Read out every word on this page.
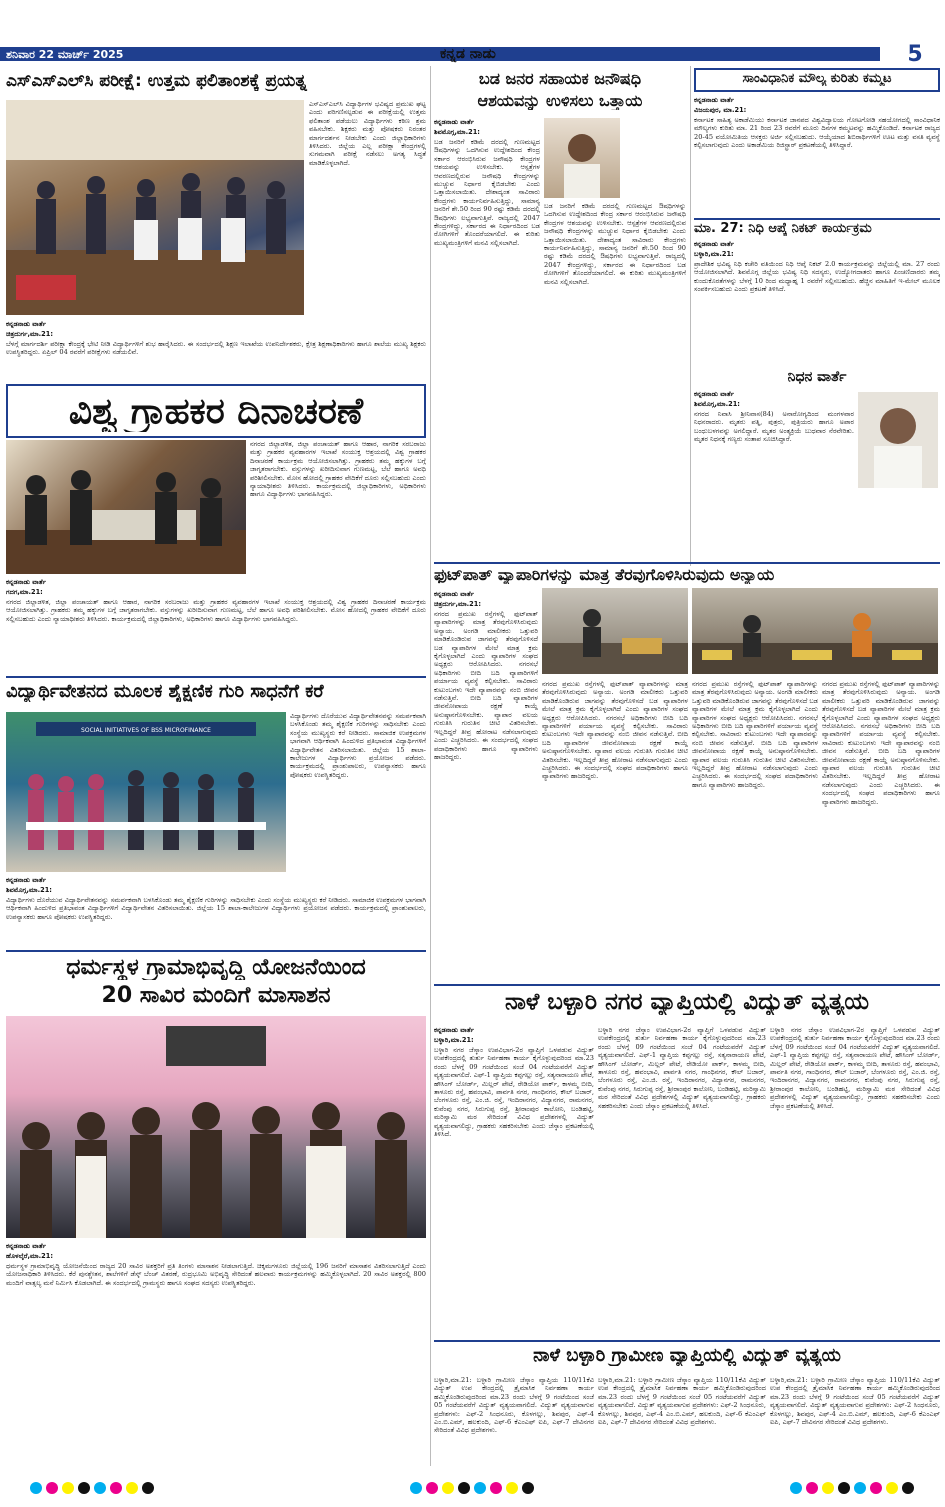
ಶನಿವಾರ 22 ಮಾರ್ಚ್ 2025	ಕನ್ನಡ ನಾಡು	5
ಎಸ್‌ಎಸ್‌ಎಲ್‌ಸಿ ಪರೀಕ್ಷೆ: ಉತ್ತಮ ಫಲಿತಾಂಶಕ್ಕೆ ಪ್ರಯತ್ನ
ಎಸ್‌ಎಸ್‌ಎಲ್‌ಸಿ ವಿದ್ಯಾರ್ಥಿಗಳ ಭವಿಷ್ಯದ ಪ್ರಮುಖ ಘಟ್ಟ ಎಂದು ಪರಿಗಣಿಸಲ್ಪಡುವ ಈ ಪರೀಕ್ಷೆಯಲ್ಲಿ ಉತ್ತಮ ಫಲಿತಾಂಶ ಪಡೆಯಲು ವಿದ್ಯಾರ್ಥಿಗಳು ಕಠಿಣ ಶ್ರಮ ವಹಿಸಬೇಕು. ಶಿಕ್ಷಕರು ಮತ್ತು ಪೋಷಕರು ನಿರಂತರ ಮಾರ್ಗದರ್ಶನ ನೀಡಬೇಕು ಎಂದು ಜಿಲ್ಲಾಧಿಕಾರಿಗಳು ತಿಳಿಸಿದರು. ಜಿಲ್ಲೆಯ ಎಲ್ಲ ಪರೀಕ್ಷಾ ಕೇಂದ್ರಗಳಲ್ಲಿ ಸುಗಮವಾಗಿ ಪರೀಕ್ಷೆ ನಡೆಸಲು ಅಗತ್ಯ ಸಿದ್ಧತೆ ಮಾಡಿಕೊಳ್ಳಲಾಗಿದೆ.
ಕನ್ನಡನಾಡು ವಾರ್ತೆ
ಚಿತ್ರದುರ್ಗ,ಮಾ.21:
ಬೆಳಗ್ಗೆ ಮಾರ್ಗದರ್ಶಿ ಪರೀಕ್ಷಾ ಕೇಂದ್ರಕ್ಕೆ ಭೇಟಿ ನೀಡಿ ವಿದ್ಯಾರ್ಥಿಗಳಿಗೆ ಶುಭ ಹಾರೈಸಿದರು. ಈ ಸಂದರ್ಭದಲ್ಲಿ ಶಿಕ್ಷಣ ಇಲಾಖೆಯ ಉಪನಿರ್ದೇಶಕರು, ಕ್ಷೇತ್ರ ಶಿಕ್ಷಣಾಧಿಕಾರಿಗಳು ಹಾಗೂ ಶಾಲೆಯ ಮುಖ್ಯ ಶಿಕ್ಷಕರು ಉಪಸ್ಥಿತರಿದ್ದರು. ಏಪ್ರಿಲ್ 04 ರವರೆಗೆ ಪರೀಕ್ಷೆಗಳು ನಡೆಯಲಿವೆ.
ವಿಶ್ವ ಗ್ರಾಹಕರ ದಿನಾಚರಣೆ
ನಗರದ ಜಿಲ್ಲಾಡಳಿತ, ಜಿಲ್ಲಾ ಪಂಚಾಯತ್ ಹಾಗೂ ಆಹಾರ, ನಾಗರಿಕ ಸರಬರಾಜು ಮತ್ತು ಗ್ರಾಹಕರ ವ್ಯವಹಾರಗಳ ಇಲಾಖೆ ಸಂಯುಕ್ತ ಆಶ್ರಯದಲ್ಲಿ ವಿಶ್ವ ಗ್ರಾಹಕರ ದಿನಾಚರಣೆ ಕಾರ್ಯಕ್ರಮ ಆಯೋಜಿಸಲಾಗಿತ್ತು. ಗ್ರಾಹಕರು ತಮ್ಮ ಹಕ್ಕುಗಳ ಬಗ್ಗೆ ಜಾಗೃತರಾಗಬೇಕು. ವಸ್ತುಗಳನ್ನು ಖರೀದಿಸುವಾಗ ಗುಣಮಟ್ಟ, ಬೆಲೆ ಹಾಗೂ ಅವಧಿ ಪರಿಶೀಲಿಸಬೇಕು. ಮೋಸ ಹೋದಲ್ಲಿ ಗ್ರಾಹಕರ ವೇದಿಕೆಗೆ ದೂರು ಸಲ್ಲಿಸಬಹುದು ಎಂದು ನ್ಯಾಯಾಧೀಶರು ತಿಳಿಸಿದರು. ಕಾರ್ಯಕ್ರಮದಲ್ಲಿ ಜಿಲ್ಲಾಧಿಕಾರಿಗಳು, ಅಧಿಕಾರಿಗಳು ಹಾಗೂ ವಿದ್ಯಾರ್ಥಿಗಳು ಭಾಗವಹಿಸಿದ್ದರು.
ಕನ್ನಡನಾಡು ವಾರ್ತೆ
ಗದಗ,ಮಾ.21:
ನಗರದ ಜಿಲ್ಲಾಡಳಿತ, ಜಿಲ್ಲಾ ಪಂಚಾಯತ್ ಹಾಗೂ ಆಹಾರ, ನಾಗರಿಕ ಸರಬರಾಜು ಮತ್ತು ಗ್ರಾಹಕರ ವ್ಯವಹಾರಗಳ ಇಲಾಖೆ ಸಂಯುಕ್ತ ಆಶ್ರಯದಲ್ಲಿ ವಿಶ್ವ ಗ್ರಾಹಕರ ದಿನಾಚರಣೆ ಕಾರ್ಯಕ್ರಮ ಆಯೋಜಿಸಲಾಗಿತ್ತು. ಗ್ರಾಹಕರು ತಮ್ಮ ಹಕ್ಕುಗಳ ಬಗ್ಗೆ ಜಾಗೃತರಾಗಬೇಕು. ವಸ್ತುಗಳನ್ನು ಖರೀದಿಸುವಾಗ ಗುಣಮಟ್ಟ, ಬೆಲೆ ಹಾಗೂ ಅವಧಿ ಪರಿಶೀಲಿಸಬೇಕು. ಮೋಸ ಹೋದಲ್ಲಿ ಗ್ರಾಹಕರ ವೇದಿಕೆಗೆ ದೂರು ಸಲ್ಲಿಸಬಹುದು ಎಂದು ನ್ಯಾಯಾಧೀಶರು ತಿಳಿಸಿದರು. ಕಾರ್ಯಕ್ರಮದಲ್ಲಿ ಜಿಲ್ಲಾಧಿಕಾರಿಗಳು, ಅಧಿಕಾರಿಗಳು ಹಾಗೂ ವಿದ್ಯಾರ್ಥಿಗಳು ಭಾಗವಹಿಸಿದ್ದರು.
ವಿದ್ಯಾರ್ಥಿವೇತನದ ಮೂಲಕ ಶೈಕ್ಷಣಿಕ ಗುರಿ ಸಾಧನೆಗೆ ಕರೆ
SOCIAL INITIATIVES OF BSS MICROFINANCE
ವಿದ್ಯಾರ್ಥಿಗಳು ದೊರೆಯುವ ವಿದ್ಯಾರ್ಥಿವೇತನವನ್ನು ಸಮರ್ಪಕವಾಗಿ ಬಳಸಿಕೊಂಡು ತಮ್ಮ ಶೈಕ್ಷಣಿಕ ಗುರಿಗಳನ್ನು ಸಾಧಿಸಬೇಕು ಎಂದು ಸಂಸ್ಥೆಯ ಮುಖ್ಯಸ್ಥರು ಕರೆ ನೀಡಿದರು. ಸಾಮಾಜಿಕ ಉಪಕ್ರಮಗಳ ಭಾಗವಾಗಿ ಆರ್ಥಿಕವಾಗಿ ಹಿಂದುಳಿದ ಪ್ರತಿಭಾವಂತ ವಿದ್ಯಾರ್ಥಿಗಳಿಗೆ ವಿದ್ಯಾರ್ಥಿವೇತನ ವಿತರಿಸಲಾಯಿತು. ಜಿಲ್ಲೆಯ 15 ಶಾಲಾ-ಕಾಲೇಜುಗಳ ವಿದ್ಯಾರ್ಥಿಗಳು ಪ್ರಯೋಜನ ಪಡೆದರು. ಕಾರ್ಯಕ್ರಮದಲ್ಲಿ ಪ್ರಾಂಶುಪಾಲರು, ಉಪನ್ಯಾಸಕರು ಹಾಗೂ ಪೋಷಕರು ಉಪಸ್ಥಿತರಿದ್ದರು.
ಕನ್ನಡನಾಡು ವಾರ್ತೆ
ಶಿವಮೊಗ್ಗ,ಮಾ.21:
ವಿದ್ಯಾರ್ಥಿಗಳು ದೊರೆಯುವ ವಿದ್ಯಾರ್ಥಿವೇತನವನ್ನು ಸಮರ್ಪಕವಾಗಿ ಬಳಸಿಕೊಂಡು ತಮ್ಮ ಶೈಕ್ಷಣಿಕ ಗುರಿಗಳನ್ನು ಸಾಧಿಸಬೇಕು ಎಂದು ಸಂಸ್ಥೆಯ ಮುಖ್ಯಸ್ಥರು ಕರೆ ನೀಡಿದರು. ಸಾಮಾಜಿಕ ಉಪಕ್ರಮಗಳ ಭಾಗವಾಗಿ ಆರ್ಥಿಕವಾಗಿ ಹಿಂದುಳಿದ ಪ್ರತಿಭಾವಂತ ವಿದ್ಯಾರ್ಥಿಗಳಿಗೆ ವಿದ್ಯಾರ್ಥಿವೇತನ ವಿತರಿಸಲಾಯಿತು. ಜಿಲ್ಲೆಯ 15 ಶಾಲಾ-ಕಾಲೇಜುಗಳ ವಿದ್ಯಾರ್ಥಿಗಳು ಪ್ರಯೋಜನ ಪಡೆದರು. ಕಾರ್ಯಕ್ರಮದಲ್ಲಿ ಪ್ರಾಂಶುಪಾಲರು, ಉಪನ್ಯಾಸಕರು ಹಾಗೂ ಪೋಷಕರು ಉಪಸ್ಥಿತರಿದ್ದರು.
ಧರ್ಮಸ್ಥಳ ಗ್ರಾಮಾಭಿವೃದ್ಧಿ ಯೋಜನೆಯಿಂದ
20 ಸಾವಿರ ಮಂದಿಗೆ ಮಾಸಾಶನ
ಕನ್ನಡನಾಡು ವಾರ್ತೆ
ಹೊಳಲ್ಕೆರೆ,ಮಾ.21:
ಧರ್ಮಸ್ಥಳ ಗ್ರಾಮಾಭಿವೃದ್ಧಿ ಯೋಜನೆಯಿಂದ ರಾಜ್ಯದ 20 ಸಾವಿರ ಅಶಕ್ತರಿಗೆ ಪ್ರತಿ ತಿಂಗಳು ಮಾಸಾಶನ ನೀಡಲಾಗುತ್ತಿದೆ. ಚಿಕ್ಕಮಗಳೂರು ಜಿಲ್ಲೆಯಲ್ಲಿ 196 ಜನರಿಗೆ ಮಾಸಾಶನ ವಿತರಿಸಲಾಗುತ್ತಿದೆ ಎಂದು ಯೋಜನಾಧಿಕಾರಿ ತಿಳಿಸಿದರು. ಕೆರೆ ಪುನಶ್ಚೇತನ, ಶಾಲೆಗಳಿಗೆ ಡೆಸ್ಕ್ ಬೆಂಚ್ ವಿತರಣೆ, ರುದ್ರಭೂಮಿ ಅಭಿವೃದ್ಧಿ ಸೇರಿದಂತೆ ಹಲವಾರು ಕಾರ್ಯಕ್ರಮಗಳನ್ನು ಹಮ್ಮಿಕೊಳ್ಳಲಾಗಿದೆ. 20 ಸಾವಿರ ಅಶಕ್ತರಲ್ಲಿ 800 ಮಂದಿಗೆ ವಾತ್ಸಲ್ಯ ಮನೆ ನಿರ್ಮಿಸಿ ಕೊಡಲಾಗಿದೆ. ಈ ಸಂದರ್ಭದಲ್ಲಿ ಗ್ರಾಮಸ್ಥರು ಹಾಗೂ ಸಂಘದ ಸದಸ್ಯರು ಉಪಸ್ಥಿತರಿದ್ದರು.
ಬಡ ಜನರ ಸಹಾಯಕ ಜನೌಷಧಿ
ಆಶಯವನ್ನು ಉಳಿಸಲು ಒತ್ತಾಯ
ಕನ್ನಡನಾಡು ವಾರ್ತೆ
ಶಿವಮೊಗ್ಗ,ಮಾ.21:
ಬಡ ಜನರಿಗೆ ಕಡಿಮೆ ದರದಲ್ಲಿ ಗುಣಮಟ್ಟದ ಔಷಧಿಗಳನ್ನು ಒದಗಿಸುವ ಉದ್ದೇಶದಿಂದ ಕೇಂದ್ರ ಸರ್ಕಾರ ಆರಂಭಿಸಿರುವ ಜನೌಷಧಿ ಕೇಂದ್ರಗಳ ಆಶಯವನ್ನು ಉಳಿಸಬೇಕು. ಆಸ್ಪತ್ರೆಗಳ ಆವರಣದಲ್ಲಿರುವ ಜನೌಷಧಿ ಕೇಂದ್ರಗಳನ್ನು ಮುಚ್ಚುವ ನಿರ್ಧಾರ ಕೈಬಿಡಬೇಕು ಎಂದು ಒತ್ತಾಯಿಸಲಾಯಿತು. ದೇಶಾದ್ಯಂತ ಸಾವಿರಾರು ಕೇಂದ್ರಗಳು ಕಾರ್ಯನಿರ್ವಹಿಸುತ್ತಿದ್ದು, ಸಾಮಾನ್ಯ ಜನರಿಗೆ ಶೇ.50 ರಿಂದ 90 ರಷ್ಟು ಕಡಿಮೆ ದರದಲ್ಲಿ ಔಷಧಿಗಳು ಲಭ್ಯವಾಗುತ್ತಿವೆ. ರಾಜ್ಯದಲ್ಲಿ 2047 ಕೇಂದ್ರಗಳಿದ್ದು, ಸರ್ಕಾರದ ಈ ನಿರ್ಧಾರದಿಂದ ಬಡ ರೋಗಿಗಳಿಗೆ ತೊಂದರೆಯಾಗಲಿದೆ. ಈ ಕುರಿತು ಮುಖ್ಯಮಂತ್ರಿಗಳಿಗೆ ಮನವಿ ಸಲ್ಲಿಸಲಾಗಿದೆ.
ಬಡ ಜನರಿಗೆ ಕಡಿಮೆ ದರದಲ್ಲಿ ಗುಣಮಟ್ಟದ ಔಷಧಿಗಳನ್ನು ಒದಗಿಸುವ ಉದ್ದೇಶದಿಂದ ಕೇಂದ್ರ ಸರ್ಕಾರ ಆರಂಭಿಸಿರುವ ಜನೌಷಧಿ ಕೇಂದ್ರಗಳ ಆಶಯವನ್ನು ಉಳಿಸಬೇಕು. ಆಸ್ಪತ್ರೆಗಳ ಆವರಣದಲ್ಲಿರುವ ಜನೌಷಧಿ ಕೇಂದ್ರಗಳನ್ನು ಮುಚ್ಚುವ ನಿರ್ಧಾರ ಕೈಬಿಡಬೇಕು ಎಂದು ಒತ್ತಾಯಿಸಲಾಯಿತು. ದೇಶಾದ್ಯಂತ ಸಾವಿರಾರು ಕೇಂದ್ರಗಳು ಕಾರ್ಯನಿರ್ವಹಿಸುತ್ತಿದ್ದು, ಸಾಮಾನ್ಯ ಜನರಿಗೆ ಶೇ.50 ರಿಂದ 90 ರಷ್ಟು ಕಡಿಮೆ ದರದಲ್ಲಿ ಔಷಧಿಗಳು ಲಭ್ಯವಾಗುತ್ತಿವೆ. ರಾಜ್ಯದಲ್ಲಿ 2047 ಕೇಂದ್ರಗಳಿದ್ದು, ಸರ್ಕಾರದ ಈ ನಿರ್ಧಾರದಿಂದ ಬಡ ರೋಗಿಗಳಿಗೆ ತೊಂದರೆಯಾಗಲಿದೆ. ಈ ಕುರಿತು ಮುಖ್ಯಮಂತ್ರಿಗಳಿಗೆ ಮನವಿ ಸಲ್ಲಿಸಲಾಗಿದೆ.
ಸಾಂವಿಧಾನಿಕ ಮೌಲ್ಯ ಕುರಿತು ಕಮ್ಮಟ
ಕನ್ನಡನಾಡು ವಾರ್ತೆ
ವಿಜಯಪುರ, ಮಾ.21:
ಕರ್ನಾಟಕ ಸಾಹಿತ್ಯ ಅಕಾಡೆಮಿಯು ಕರ್ನಾಟಕ ಜಾನಪದ ವಿಶ್ವವಿದ್ಯಾಲಯ ಗೋಟಗೋಡಿ ಸಹಯೋಗದಲ್ಲಿ ಸಾಂವಿಧಾನಿಕ ಮೌಲ್ಯಗಳು ಕುರಿತು ಮಾ. 21 ರಿಂದ 23 ರವರೆಗೆ ಮೂರು ದಿನಗಳ ಕಮ್ಮಟವನ್ನು ಹಮ್ಮಿಕೊಂಡಿದೆ. ಕರ್ನಾಟಕ ರಾಜ್ಯದ 20-45 ವಯೋಮಿತಿಯ ಆಸಕ್ತರು ಅರ್ಜಿ ಸಲ್ಲಿಸಬಹುದು. ಆಯ್ಕೆಯಾದ ಶಿಬಿರಾರ್ಥಿಗಳಿಗೆ ಊಟ ಮತ್ತು ವಸತಿ ವ್ಯವಸ್ಥೆ ಕಲ್ಪಿಸಲಾಗುವುದು ಎಂದು ಅಕಾಡೆಮಿಯ ರಿಜಿಸ್ಟ್ರಾರ್ ಪ್ರಕಟಣೆಯಲ್ಲಿ ತಿಳಿಸಿದ್ದಾರೆ.
ಮಾ. 27: ನಿಧಿ ಆಪ್ಕೆ ನಿಕಟ್ ಕಾರ್ಯಕ್ರಮ
ಕನ್ನಡನಾಡು ವಾರ್ತೆ
ಬಳ್ಳಾರಿ,ಮಾ.21:
ಪ್ರಾದೇಶಿಕ ಭವಿಷ್ಯ ನಿಧಿ ಕಚೇರಿ ವತಿಯಿಂದ ನಿಧಿ ಆಪ್ಕೆ ನಿಕಟ್ 2.0 ಕಾರ್ಯಕ್ರಮವನ್ನು ಜಿಲ್ಲೆಯಲ್ಲಿ ಮಾ. 27 ರಂದು ಆಯೋಜಿಸಲಾಗಿದೆ. ಶಿವಮೊಗ್ಗ ಜಿಲ್ಲೆಯ ಭವಿಷ್ಯ ನಿಧಿ ಸದಸ್ಯರು, ಉದ್ಯೋಗದಾತರು ಹಾಗೂ ಪಿಂಚಣಿದಾರರು ತಮ್ಮ ಕುಂದುಕೊರತೆಗಳನ್ನು ಬೆಳಗ್ಗೆ 10 ರಿಂದ ಮಧ್ಯಾಹ್ನ 1 ರವರೆಗೆ ಸಲ್ಲಿಸಬಹುದು. ಹೆಚ್ಚಿನ ಮಾಹಿತಿಗೆ ಇ-ಮೇಲ್ ಮೂಲಕ ಸಂಪರ್ಕಿಸಬಹುದು ಎಂದು ಪ್ರಕಟಣೆ ತಿಳಿಸಿದೆ.
ನಿಧನ ವಾರ್ತೆ
ಕನ್ನಡನಾಡು ವಾರ್ತೆ
ಶಿವಮೊಗ್ಗ,ಮಾ.21:
ನಗರದ ನಿವಾಸಿ ಶ್ರೀನಿವಾಸ(84) ಅನಾರೋಗ್ಯದಿಂದ ಮಂಗಳವಾರ ನಿಧನರಾದರು. ಮೃತರು ಪತ್ನಿ, ಪುತ್ರರು, ಪುತ್ರಿಯರು ಹಾಗೂ ಅಪಾರ ಬಂಧುಬಳಗವನ್ನು ಅಗಲಿದ್ದಾರೆ. ಮೃತರ ಅಂತ್ಯಕ್ರಿಯೆ ಬುಧವಾರ ನೆರವೇರಿತು. ಮೃತರ ನಿಧನಕ್ಕೆ ಗಣ್ಯರು ಸಂತಾಪ ಸೂಚಿಸಿದ್ದಾರೆ.
ಫುಟ್‌ಪಾತ್ ವ್ಯಾಪಾರಿಗಳನ್ನು ಮಾತ್ರ ತೆರವುಗೊಳಿಸಿರುವುದು ಅನ್ಯಾಯ
ಕನ್ನಡನಾಡು ವಾರ್ತೆ
ಚಿತ್ರದುರ್ಗ,ಮಾ.21:
ನಗರದ ಪ್ರಮುಖ ರಸ್ತೆಗಳಲ್ಲಿ ಫುಟ್‌ಪಾತ್ ವ್ಯಾಪಾರಿಗಳನ್ನು ಮಾತ್ರ ತೆರವುಗೊಳಿಸಿರುವುದು ಅನ್ಯಾಯ. ಅಂಗಡಿ ಮಾಲೀಕರು ಒತ್ತುವರಿ ಮಾಡಿಕೊಂಡಿರುವ ಜಾಗವನ್ನು ತೆರವುಗೊಳಿಸದೆ ಬಡ ವ್ಯಾಪಾರಿಗಳ ಮೇಲೆ ಮಾತ್ರ ಕ್ರಮ ಕೈಗೊಳ್ಳಲಾಗಿದೆ ಎಂದು ವ್ಯಾಪಾರಿಗಳ ಸಂಘದ ಅಧ್ಯಕ್ಷರು ಆರೋಪಿಸಿದರು. ನಗರಸಭೆ ಅಧಿಕಾರಿಗಳು ಬೀದಿ ಬದಿ ವ್ಯಾಪಾರಿಗಳಿಗೆ ಪರ್ಯಾಯ ವ್ಯವಸ್ಥೆ ಕಲ್ಪಿಸಬೇಕು. ಸಾವಿರಾರು ಕುಟುಂಬಗಳು ಇದೇ ವ್ಯಾಪಾರವನ್ನು ನಂಬಿ ಜೀವನ ನಡೆಸುತ್ತಿವೆ. ಬೀದಿ ಬದಿ ವ್ಯಾಪಾರಿಗಳ ಜೀವನೋಪಾಯ ರಕ್ಷಣೆ ಕಾಯ್ದೆ ಅನುಷ್ಠಾನಗೊಳಿಸಬೇಕು. ವ್ಯಾಪಾರ ವಲಯ ಗುರುತಿಸಿ ಗುರುತಿನ ಚೀಟಿ ವಿತರಿಸಬೇಕು. ಇಲ್ಲದಿದ್ದರೆ ತೀವ್ರ ಹೋರಾಟ ನಡೆಸಲಾಗುವುದು ಎಂದು ಎಚ್ಚರಿಸಿದರು. ಈ ಸಂದರ್ಭದಲ್ಲಿ ಸಂಘದ ಪದಾಧಿಕಾರಿಗಳು ಹಾಗೂ ವ್ಯಾಪಾರಿಗಳು ಹಾಜರಿದ್ದರು.
ನಗರದ ಪ್ರಮುಖ ರಸ್ತೆಗಳಲ್ಲಿ ಫುಟ್‌ಪಾತ್ ವ್ಯಾಪಾರಿಗಳನ್ನು ಮಾತ್ರ ತೆರವುಗೊಳಿಸಿರುವುದು ಅನ್ಯಾಯ. ಅಂಗಡಿ ಮಾಲೀಕರು ಒತ್ತುವರಿ ಮಾಡಿಕೊಂಡಿರುವ ಜಾಗವನ್ನು ತೆರವುಗೊಳಿಸದೆ ಬಡ ವ್ಯಾಪಾರಿಗಳ ಮೇಲೆ ಮಾತ್ರ ಕ್ರಮ ಕೈಗೊಳ್ಳಲಾಗಿದೆ ಎಂದು ವ್ಯಾಪಾರಿಗಳ ಸಂಘದ ಅಧ್ಯಕ್ಷರು ಆರೋಪಿಸಿದರು. ನಗರಸಭೆ ಅಧಿಕಾರಿಗಳು ಬೀದಿ ಬದಿ ವ್ಯಾಪಾರಿಗಳಿಗೆ ಪರ್ಯಾಯ ವ್ಯವಸ್ಥೆ ಕಲ್ಪಿಸಬೇಕು. ಸಾವಿರಾರು ಕುಟುಂಬಗಳು ಇದೇ ವ್ಯಾಪಾರವನ್ನು ನಂಬಿ ಜೀವನ ನಡೆಸುತ್ತಿವೆ. ಬೀದಿ ಬದಿ ವ್ಯಾಪಾರಿಗಳ ಜೀವನೋಪಾಯ ರಕ್ಷಣೆ ಕಾಯ್ದೆ ಅನುಷ್ಠಾನಗೊಳಿಸಬೇಕು. ವ್ಯಾಪಾರ ವಲಯ ಗುರುತಿಸಿ ಗುರುತಿನ ಚೀಟಿ ವಿತರಿಸಬೇಕು. ಇಲ್ಲದಿದ್ದರೆ ತೀವ್ರ ಹೋರಾಟ ನಡೆಸಲಾಗುವುದು ಎಂದು ಎಚ್ಚರಿಸಿದರು. ಈ ಸಂದರ್ಭದಲ್ಲಿ ಸಂಘದ ಪದಾಧಿಕಾರಿಗಳು ಹಾಗೂ ವ್ಯಾಪಾರಿಗಳು ಹಾಜರಿದ್ದರು.
ನಗರದ ಪ್ರಮುಖ ರಸ್ತೆಗಳಲ್ಲಿ ಫುಟ್‌ಪಾತ್ ವ್ಯಾಪಾರಿಗಳನ್ನು ಮಾತ್ರ ತೆರವುಗೊಳಿಸಿರುವುದು ಅನ್ಯಾಯ. ಅಂಗಡಿ ಮಾಲೀಕರು ಒತ್ತುವರಿ ಮಾಡಿಕೊಂಡಿರುವ ಜಾಗವನ್ನು ತೆರವುಗೊಳಿಸದೆ ಬಡ ವ್ಯಾಪಾರಿಗಳ ಮೇಲೆ ಮಾತ್ರ ಕ್ರಮ ಕೈಗೊಳ್ಳಲಾಗಿದೆ ಎಂದು ವ್ಯಾಪಾರಿಗಳ ಸಂಘದ ಅಧ್ಯಕ್ಷರು ಆರೋಪಿಸಿದರು. ನಗರಸಭೆ ಅಧಿಕಾರಿಗಳು ಬೀದಿ ಬದಿ ವ್ಯಾಪಾರಿಗಳಿಗೆ ಪರ್ಯಾಯ ವ್ಯವಸ್ಥೆ ಕಲ್ಪಿಸಬೇಕು. ಸಾವಿರಾರು ಕುಟುಂಬಗಳು ಇದೇ ವ್ಯಾಪಾರವನ್ನು ನಂಬಿ ಜೀವನ ನಡೆಸುತ್ತಿವೆ. ಬೀದಿ ಬದಿ ವ್ಯಾಪಾರಿಗಳ ಜೀವನೋಪಾಯ ರಕ್ಷಣೆ ಕಾಯ್ದೆ ಅನುಷ್ಠಾನಗೊಳಿಸಬೇಕು. ವ್ಯಾಪಾರ ವಲಯ ಗುರುತಿಸಿ ಗುರುತಿನ ಚೀಟಿ ವಿತರಿಸಬೇಕು. ಇಲ್ಲದಿದ್ದರೆ ತೀವ್ರ ಹೋರಾಟ ನಡೆಸಲಾಗುವುದು ಎಂದು ಎಚ್ಚರಿಸಿದರು. ಈ ಸಂದರ್ಭದಲ್ಲಿ ಸಂಘದ ಪದಾಧಿಕಾರಿಗಳು ಹಾಗೂ ವ್ಯಾಪಾರಿಗಳು ಹಾಜರಿದ್ದರು.
ನಗರದ ಪ್ರಮುಖ ರಸ್ತೆಗಳಲ್ಲಿ ಫುಟ್‌ಪಾತ್ ವ್ಯಾಪಾರಿಗಳನ್ನು ಮಾತ್ರ ತೆರವುಗೊಳಿಸಿರುವುದು ಅನ್ಯಾಯ. ಅಂಗಡಿ ಮಾಲೀಕರು ಒತ್ತುವರಿ ಮಾಡಿಕೊಂಡಿರುವ ಜಾಗವನ್ನು ತೆರವುಗೊಳಿಸದೆ ಬಡ ವ್ಯಾಪಾರಿಗಳ ಮೇಲೆ ಮಾತ್ರ ಕ್ರಮ ಕೈಗೊಳ್ಳಲಾಗಿದೆ ಎಂದು ವ್ಯಾಪಾರಿಗಳ ಸಂಘದ ಅಧ್ಯಕ್ಷರು ಆರೋಪಿಸಿದರು. ನಗರಸಭೆ ಅಧಿಕಾರಿಗಳು ಬೀದಿ ಬದಿ ವ್ಯಾಪಾರಿಗಳಿಗೆ ಪರ್ಯಾಯ ವ್ಯವಸ್ಥೆ ಕಲ್ಪಿಸಬೇಕು. ಸಾವಿರಾರು ಕುಟುಂಬಗಳು ಇದೇ ವ್ಯಾಪಾರವನ್ನು ನಂಬಿ ಜೀವನ ನಡೆಸುತ್ತಿವೆ. ಬೀದಿ ಬದಿ ವ್ಯಾಪಾರಿಗಳ ಜೀವನೋಪಾಯ ರಕ್ಷಣೆ ಕಾಯ್ದೆ ಅನುಷ್ಠಾನಗೊಳಿಸಬೇಕು. ವ್ಯಾಪಾರ ವಲಯ ಗುರುತಿಸಿ ಗುರುತಿನ ಚೀಟಿ ವಿತರಿಸಬೇಕು. ಇಲ್ಲದಿದ್ದರೆ ತೀವ್ರ ಹೋರಾಟ ನಡೆಸಲಾಗುವುದು ಎಂದು ಎಚ್ಚರಿಸಿದರು. ಈ ಸಂದರ್ಭದಲ್ಲಿ ಸಂಘದ ಪದಾಧಿಕಾರಿಗಳು ಹಾಗೂ ವ್ಯಾಪಾರಿಗಳು ಹಾಜರಿದ್ದರು.
ನಾಳೆ ಬಳ್ಳಾರಿ ನಗರ ವ್ಯಾಪ್ತಿಯಲ್ಲಿ ವಿದ್ಯುತ್ ವ್ಯತ್ಯಯ
ಕನ್ನಡನಾಡು ವಾರ್ತೆ
ಬಳ್ಳಾರಿ,ಮಾ.21:
ಬಳ್ಳಾರಿ ನಗರ ಜೆಸ್ಕಾಂ ಉಪವಿಭಾಗ-2ರ ವ್ಯಾಪ್ತಿಗೆ ಒಳಪಡುವ ವಿದ್ಯುತ್ ಉಪಕೇಂದ್ರದಲ್ಲಿ ತುರ್ತು ನಿರ್ವಹಣಾ ಕಾರ್ಯ ಕೈಗೊಳ್ಳುವುದರಿಂದ ಮಾ.23 ರಂದು ಬೆಳಗ್ಗೆ 09 ಗಂಟೆಯಿಂದ ಸಂಜೆ 04 ಗಂಟೆಯವರೆಗೆ ವಿದ್ಯುತ್ ವ್ಯತ್ಯಯವಾಗಲಿದೆ. ಎಫ್-1 ವ್ಯಾಪ್ತಿಯ ಕಪ್ಪಗಲ್ಲು ರಸ್ತೆ, ಸತ್ಯನಾರಾಯಣ ಪೇಟೆ, ಹೌಸಿಂಗ್ ಬೋರ್ಡ್, ಮಿಲ್ಲರ್ ಪೇಟೆ, ರೇಡಿಯೋ ಪಾರ್ಕ್, ಕಾಳಮ್ಮ ಬೀದಿ, ತಾಳೂರು ರಸ್ತೆ, ಹವಂಭಾವಿ, ಪಾರ್ವತಿ ನಗರ, ಗಾಂಧಿನಗರ, ಕೌಲ್ ಬಜಾರ್, ಬೆಂಗಳೂರು ರಸ್ತೆ, ಎಂ.ಜಿ. ರಸ್ತೆ, ಇಂದಿರಾನಗರ, ವಿದ್ಯಾನಗರ, ರಾಮನಗರ, ಕುವೆಂಪು ನಗರ, ಸಿರುಗುಪ್ಪ ರಸ್ತೆ, ಶ್ರೀರಾಂಪುರ ಕಾಲೋನಿ, ಬಂಡಿಹಟ್ಟಿ, ಮರಿಸ್ವಾಮಿ ಮಠ ಸೇರಿದಂತೆ ವಿವಿಧ ಪ್ರದೇಶಗಳಲ್ಲಿ ವಿದ್ಯುತ್ ವ್ಯತ್ಯಯವಾಗಲಿದ್ದು, ಗ್ರಾಹಕರು ಸಹಕರಿಸಬೇಕು ಎಂದು ಜೆಸ್ಕಾಂ ಪ್ರಕಟಣೆಯಲ್ಲಿ ತಿಳಿಸಿದೆ.
ಬಳ್ಳಾರಿ ನಗರ ಜೆಸ್ಕಾಂ ಉಪವಿಭಾಗ-2ರ ವ್ಯಾಪ್ತಿಗೆ ಒಳಪಡುವ ವಿದ್ಯುತ್ ಉಪಕೇಂದ್ರದಲ್ಲಿ ತುರ್ತು ನಿರ್ವಹಣಾ ಕಾರ್ಯ ಕೈಗೊಳ್ಳುವುದರಿಂದ ಮಾ.23 ರಂದು ಬೆಳಗ್ಗೆ 09 ಗಂಟೆಯಿಂದ ಸಂಜೆ 04 ಗಂಟೆಯವರೆಗೆ ವಿದ್ಯುತ್ ವ್ಯತ್ಯಯವಾಗಲಿದೆ. ಎಫ್-1 ವ್ಯಾಪ್ತಿಯ ಕಪ್ಪಗಲ್ಲು ರಸ್ತೆ, ಸತ್ಯನಾರಾಯಣ ಪೇಟೆ, ಹೌಸಿಂಗ್ ಬೋರ್ಡ್, ಮಿಲ್ಲರ್ ಪೇಟೆ, ರೇಡಿಯೋ ಪಾರ್ಕ್, ಕಾಳಮ್ಮ ಬೀದಿ, ತಾಳೂರು ರಸ್ತೆ, ಹವಂಭಾವಿ, ಪಾರ್ವತಿ ನಗರ, ಗಾಂಧಿನಗರ, ಕೌಲ್ ಬಜಾರ್, ಬೆಂಗಳೂರು ರಸ್ತೆ, ಎಂ.ಜಿ. ರಸ್ತೆ, ಇಂದಿರಾನಗರ, ವಿದ್ಯಾನಗರ, ರಾಮನಗರ, ಕುವೆಂಪು ನಗರ, ಸಿರುಗುಪ್ಪ ರಸ್ತೆ, ಶ್ರೀರಾಂಪುರ ಕಾಲೋನಿ, ಬಂಡಿಹಟ್ಟಿ, ಮರಿಸ್ವಾಮಿ ಮಠ ಸೇರಿದಂತೆ ವಿವಿಧ ಪ್ರದೇಶಗಳಲ್ಲಿ ವಿದ್ಯುತ್ ವ್ಯತ್ಯಯವಾಗಲಿದ್ದು, ಗ್ರಾಹಕರು ಸಹಕರಿಸಬೇಕು ಎಂದು ಜೆಸ್ಕಾಂ ಪ್ರಕಟಣೆಯಲ್ಲಿ ತಿಳಿಸಿದೆ.
ಬಳ್ಳಾರಿ ನಗರ ಜೆಸ್ಕಾಂ ಉಪವಿಭಾಗ-2ರ ವ್ಯಾಪ್ತಿಗೆ ಒಳಪಡುವ ವಿದ್ಯುತ್ ಉಪಕೇಂದ್ರದಲ್ಲಿ ತುರ್ತು ನಿರ್ವಹಣಾ ಕಾರ್ಯ ಕೈಗೊಳ್ಳುವುದರಿಂದ ಮಾ.23 ರಂದು ಬೆಳಗ್ಗೆ 09 ಗಂಟೆಯಿಂದ ಸಂಜೆ 04 ಗಂಟೆಯವರೆಗೆ ವಿದ್ಯುತ್ ವ್ಯತ್ಯಯವಾಗಲಿದೆ. ಎಫ್-1 ವ್ಯಾಪ್ತಿಯ ಕಪ್ಪಗಲ್ಲು ರಸ್ತೆ, ಸತ್ಯನಾರಾಯಣ ಪೇಟೆ, ಹೌಸಿಂಗ್ ಬೋರ್ಡ್, ಮಿಲ್ಲರ್ ಪೇಟೆ, ರೇಡಿಯೋ ಪಾರ್ಕ್, ಕಾಳಮ್ಮ ಬೀದಿ, ತಾಳೂರು ರಸ್ತೆ, ಹವಂಭಾವಿ, ಪಾರ್ವತಿ ನಗರ, ಗಾಂಧಿನಗರ, ಕೌಲ್ ಬಜಾರ್, ಬೆಂಗಳೂರು ರಸ್ತೆ, ಎಂ.ಜಿ. ರಸ್ತೆ, ಇಂದಿರಾನಗರ, ವಿದ್ಯಾನಗರ, ರಾಮನಗರ, ಕುವೆಂಪು ನಗರ, ಸಿರುಗುಪ್ಪ ರಸ್ತೆ, ಶ್ರೀರಾಂಪುರ ಕಾಲೋನಿ, ಬಂಡಿಹಟ್ಟಿ, ಮರಿಸ್ವಾಮಿ ಮಠ ಸೇರಿದಂತೆ ವಿವಿಧ ಪ್ರದೇಶಗಳಲ್ಲಿ ವಿದ್ಯುತ್ ವ್ಯತ್ಯಯವಾಗಲಿದ್ದು, ಗ್ರಾಹಕರು ಸಹಕರಿಸಬೇಕು ಎಂದು ಜೆಸ್ಕಾಂ ಪ್ರಕಟಣೆಯಲ್ಲಿ ತಿಳಿಸಿದೆ.
ನಾಳೆ ಬಳ್ಳಾರಿ ಗ್ರಾಮೀಣ ವ್ಯಾಪ್ತಿಯಲ್ಲಿ ವಿದ್ಯುತ್ ವ್ಯತ್ಯಯ
ಬಳ್ಳಾರಿ,ಮಾ.21: ಬಳ್ಳಾರಿ ಗ್ರಾಮೀಣ ಜೆಸ್ಕಾಂ ವ್ಯಾಪ್ತಿಯ 110/11ಕೆವಿ ವಿದ್ಯುತ್ ಉಪ ಕೇಂದ್ರದಲ್ಲಿ ತ್ರೈಮಾಸಿಕ ನಿರ್ವಹಣಾ ಕಾರ್ಯ ಹಮ್ಮಿಕೊಂಡಿರುವುದರಿಂದ ಮಾ.23 ರಂದು ಬೆಳಗ್ಗೆ 9 ಗಂಟೆಯಿಂದ ಸಂಜೆ 05 ಗಂಟೆಯವರೆಗೆ ವಿದ್ಯುತ್ ವ್ಯತ್ಯಯವಾಗಲಿದೆ. ವಿದ್ಯುತ್ ವ್ಯತ್ಯಯವಾಗುವ ಪ್ರದೇಶಗಳು: ಎಫ್-2 ಸಿಂಧನೂರು, ಕೊಳಗಲ್ಲು, ಶಿವಪುರ, ಎಫ್-4 ಎಂ.ಬಿ.ಎಮ್, ಹಲಕುಂದಿ, ಎಫ್-6 ಕೆಎಂಎಫ್ ಐಪಿ, ಎಫ್-7 ದೇವಿನಗರ ಸೇರಿದಂತೆ ವಿವಿಧ ಪ್ರದೇಶಗಳು.
ಬಳ್ಳಾರಿ,ಮಾ.21: ಬಳ್ಳಾರಿ ಗ್ರಾಮೀಣ ಜೆಸ್ಕಾಂ ವ್ಯಾಪ್ತಿಯ 110/11ಕೆವಿ ವಿದ್ಯುತ್ ಉಪ ಕೇಂದ್ರದಲ್ಲಿ ತ್ರೈಮಾಸಿಕ ನಿರ್ವಹಣಾ ಕಾರ್ಯ ಹಮ್ಮಿಕೊಂಡಿರುವುದರಿಂದ ಮಾ.23 ರಂದು ಬೆಳಗ್ಗೆ 9 ಗಂಟೆಯಿಂದ ಸಂಜೆ 05 ಗಂಟೆಯವರೆಗೆ ವಿದ್ಯುತ್ ವ್ಯತ್ಯಯವಾಗಲಿದೆ. ವಿದ್ಯುತ್ ವ್ಯತ್ಯಯವಾಗುವ ಪ್ರದೇಶಗಳು: ಎಫ್-2 ಸಿಂಧನೂರು, ಕೊಳಗಲ್ಲು, ಶಿವಪುರ, ಎಫ್-4 ಎಂ.ಬಿ.ಎಮ್, ಹಲಕುಂದಿ, ಎಫ್-6 ಕೆಎಂಎಫ್ ಐಪಿ, ಎಫ್-7 ದೇವಿನಗರ ಸೇರಿದಂತೆ ವಿವಿಧ ಪ್ರದೇಶಗಳು.
ಬಳ್ಳಾರಿ,ಮಾ.21: ಬಳ್ಳಾರಿ ಗ್ರಾಮೀಣ ಜೆಸ್ಕಾಂ ವ್ಯಾಪ್ತಿಯ 110/11ಕೆವಿ ವಿದ್ಯುತ್ ಉಪ ಕೇಂದ್ರದಲ್ಲಿ ತ್ರೈಮಾಸಿಕ ನಿರ್ವಹಣಾ ಕಾರ್ಯ ಹಮ್ಮಿಕೊಂಡಿರುವುದರಿಂದ ಮಾ.23 ರಂದು ಬೆಳಗ್ಗೆ 9 ಗಂಟೆಯಿಂದ ಸಂಜೆ 05 ಗಂಟೆಯವರೆಗೆ ವಿದ್ಯುತ್ ವ್ಯತ್ಯಯವಾಗಲಿದೆ. ವಿದ್ಯುತ್ ವ್ಯತ್ಯಯವಾಗುವ ಪ್ರದೇಶಗಳು: ಎಫ್-2 ಸಿಂಧನೂರು, ಕೊಳಗಲ್ಲು, ಶಿವಪುರ, ಎಫ್-4 ಎಂ.ಬಿ.ಎಮ್, ಹಲಕುಂದಿ, ಎಫ್-6 ಕೆಎಂಎಫ್ ಐಪಿ, ಎಫ್-7 ದೇವಿನಗರ ಸೇರಿದಂತೆ ವಿವಿಧ ಪ್ರದೇಶಗಳು.
